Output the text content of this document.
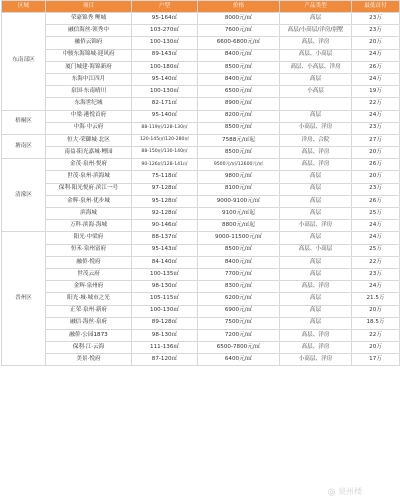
区域	项目	户型	价格	产品类型	最低首付
东南部区	荣豪锦秀 鲤城	95-164㎡	8000元/㎡	高层	23万
	融信海丝·领秀中	103-270㎡	7600元/㎡	高层/小高层/洋房/别墅	23万
	融侨云锦府	100-130㎡	6600-6800元/㎡	高层、洋房	20万
	中骏东海锦城·迎风府	89-143㎡	8400元/㎡	高层、小高层	24万
	厦门城建·海锦新府	100-180㎡	8500元/㎡	高层、小高层、洋房	26万
	东海中江四月	95-140㎡	8400元/㎡	高层	24万
	泉国·东南晴川	100-130㎡	6500元/㎡	小高层	19万
	东海世纪城	82-171㎡	8900元/㎡		22万
梧桐区	中梁·港悦首府	95-140㎡	8200元/㎡	高层	24万
	中海·中云府	88-119㎡/128-130㎡	8500元/㎡	小高层、洋房	23万
塘南区	恒大·荣御城·北区	120-145㎡/120-280㎡	7588元/㎡起	洋房、合院	27万
	南益·阳光嘉城·鲤园	88-150㎡/130-140㎡	8500元/㎡	高层、洋房	20万
清濛区	金茂·泉州·悦府	90-126㎡/128-141㎡	9500元/㎡/12600元/㎡	高层、洋房	26万
	世茂·泉州·滨海城	75-118㎡	9800元/㎡	高层	20万
	保利·阳光悦府·滨江一号	97-128㎡	8100元/㎡	高层	23万
	金辉·泉州·优步城	95-128㎡	9000-9100元/㎡	高层	26万
	滨海城	92-128㎡	9100元/㎡起	高层	25万
	万科·滨海·海城	90-146㎡	8800元/㎡起	小高层、洋房	24万
晋州区	阳光·中梁府	88-137㎡	9000-11500元/㎡	高层	24万
	恒禾·泉州富府	95-143㎡	8500元/㎡	高层、小高层	25万
	融侨·悦府	84-140㎡	8400元/㎡	高层	22万
	世茂云府	100-135㎡	7700元/㎡	高层	23万
	金辉·泉州府	98-130㎡	8300元/㎡	高层、洋房	24万
	阳光·城·城市之光	105-115㎡	6200元/㎡	高层	21.5万
	正荣·泉州·新府	100-130㎡	6900元/㎡	高层	20万
	融信·海丝·泉府	89-128㎡	7500元/㎡	高层	18.5万
	融侨·公园1873	98-130㎡	7200元/㎡	高层、洋房	22万
	保利·江·云海	111-136㎡	6500-7800元/㎡	高层、洋房	20万
	美景·悦府	87-120㎡	6400元/㎡	小高层、洋房	17万
@ 泉州楼
